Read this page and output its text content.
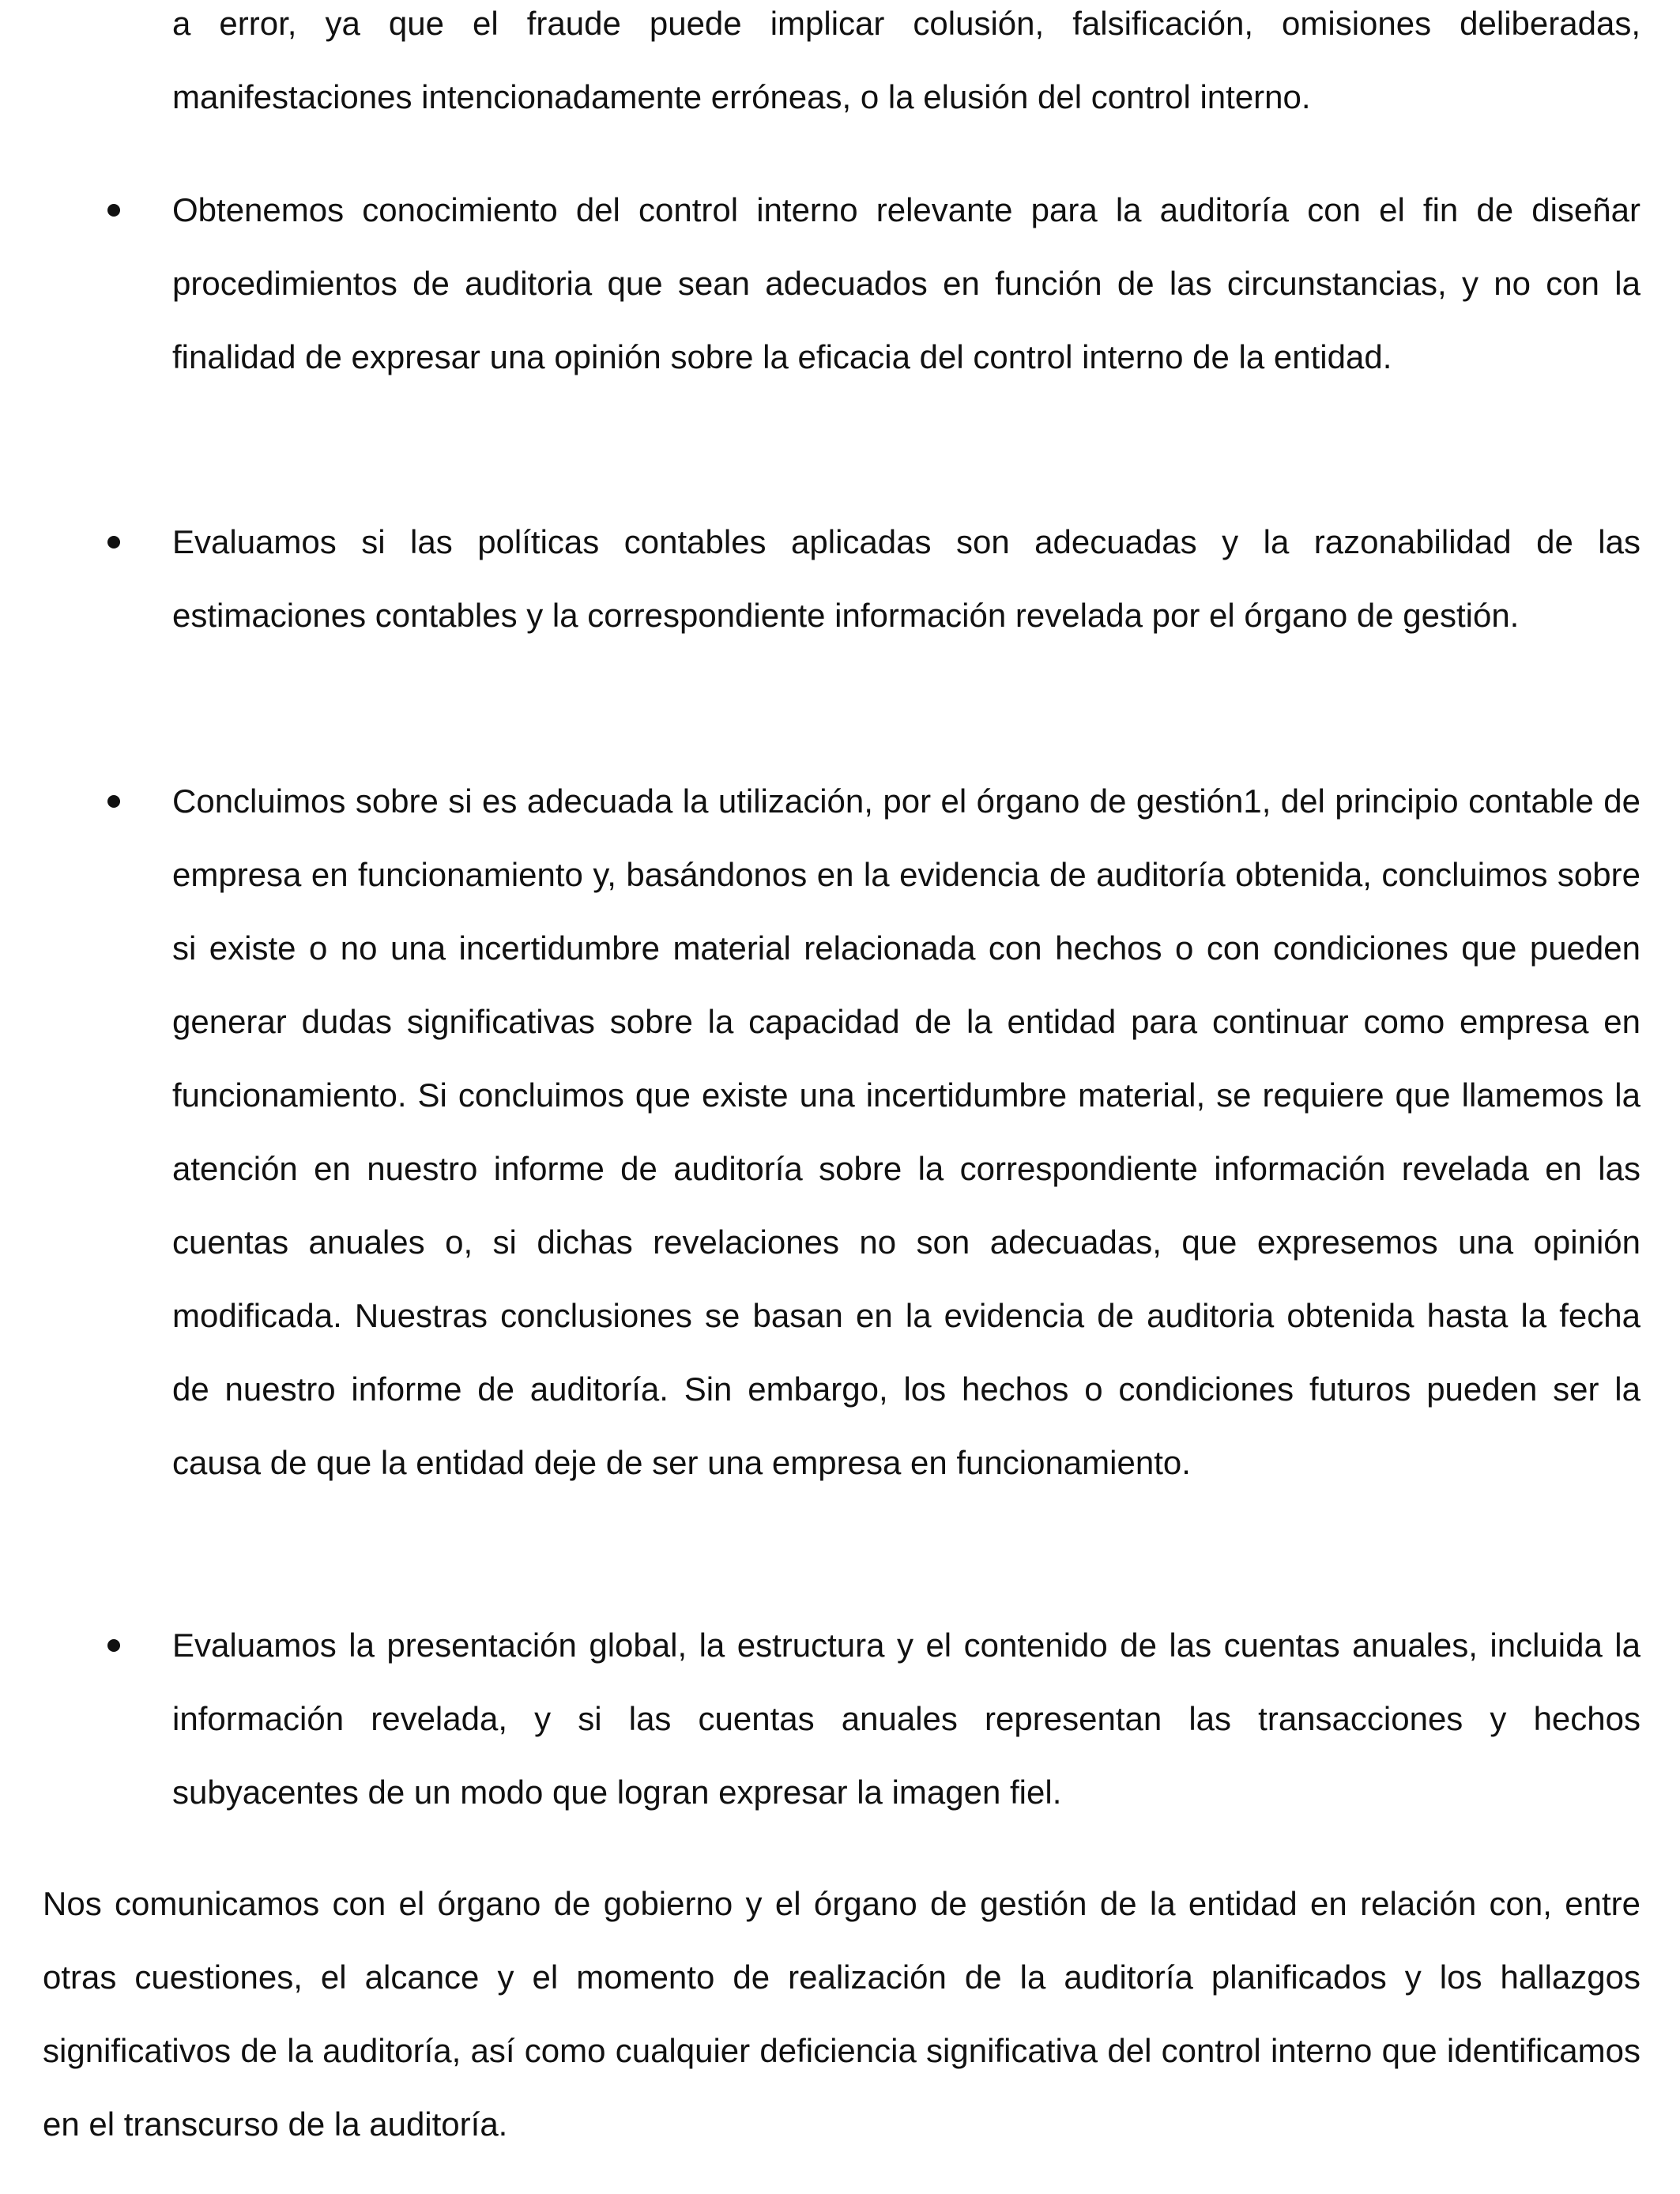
a error, ya que el fraude puede implicar colusión, falsificación, omisiones deliberadas, manifestaciones intencionadamente erróneas, o la elusión del control interno.

Obtenemos conocimiento del control interno relevante para la auditoría con el fin de diseñar procedimientos de auditoria que sean adecuados en función de las circunstancias, y no con la finalidad de expresar una opinión sobre la eficacia del control interno de la entidad.

Evaluamos si las políticas contables aplicadas son adecuadas y la razonabilidad de las estimaciones contables y la correspondiente información revelada por el órgano de gestión.

Concluimos sobre si es adecuada la utilización, por el órgano de gestión1, del principio contable de empresa en funcionamiento y, basándonos en la evidencia de auditoría obtenida, concluimos sobre si existe o no una incertidumbre material relacionada con hechos o con condiciones que pueden generar dudas significativas sobre la capacidad de la entidad para continuar como empresa en funcionamiento. Si concluimos que existe una incertidumbre material, se requiere que llamemos la atención en nuestro informe de auditoría sobre la correspondiente información revelada en las cuentas anuales o, si dichas revelaciones no son adecuadas, que expresemos una opinión modificada. Nuestras conclusiones se basan en la evidencia de auditoria obtenida hasta la fecha de nuestro informe de auditoría. Sin embargo, los hechos o condiciones futuros pueden ser la causa de que la entidad deje de ser una empresa en funcionamiento.

Evaluamos la presentación global, la estructura y el contenido de las cuentas anuales, incluida la información revelada, y si las cuentas anuales representan las transacciones y hechos subyacentes de un modo que logran expresar la imagen fiel.

Nos comunicamos con el órgano de gobierno y el órgano de gestión de la entidad en relación con, entre otras cuestiones, el alcance y el momento de realización de la auditoría planificados y los hallazgos significativos de la auditoría, así como cualquier deficiencia significativa del control interno que identificamos en el transcurso de la auditoría.
